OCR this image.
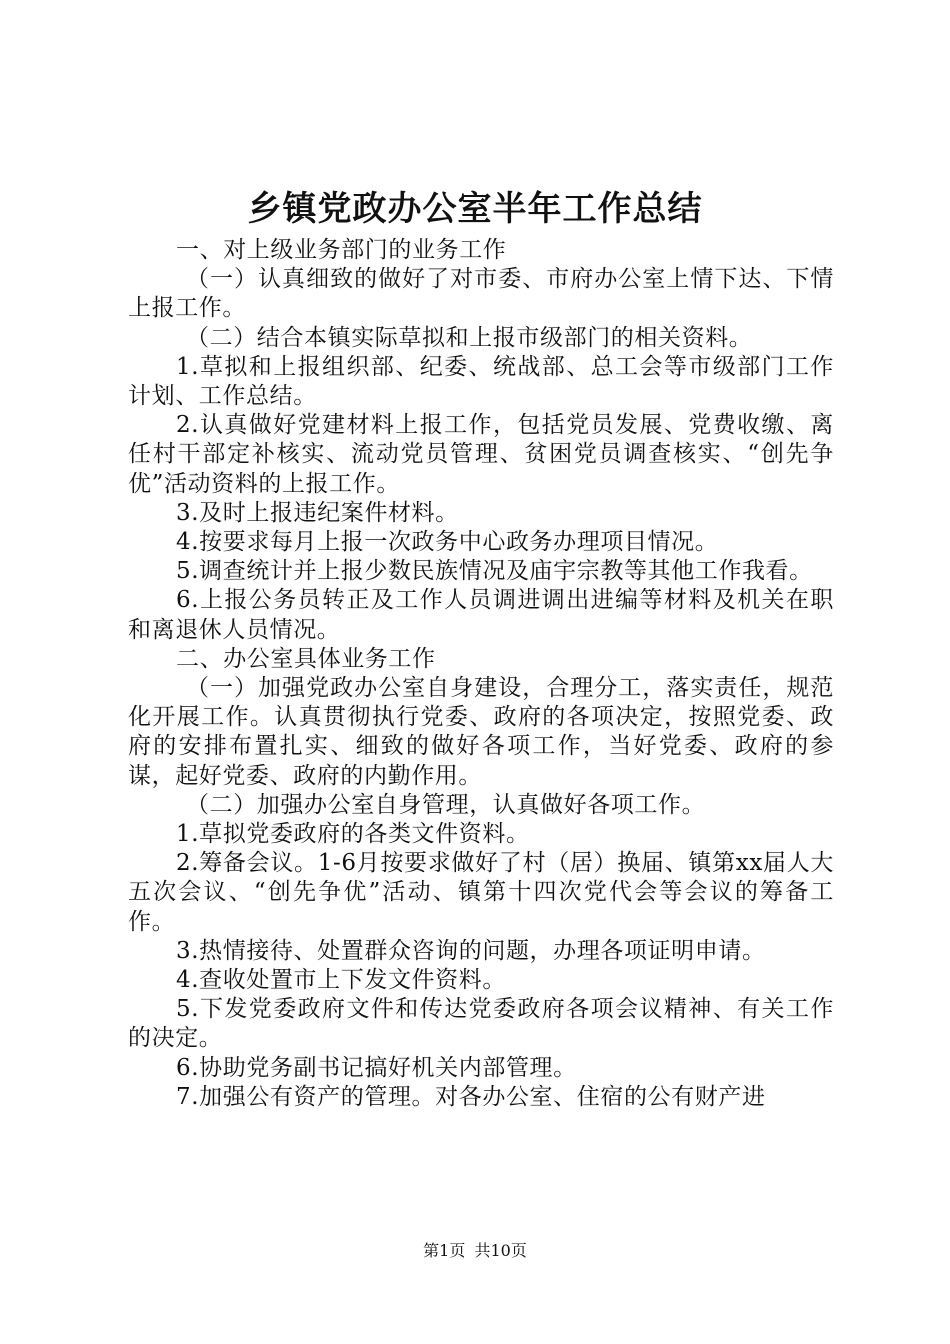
乡镇党政办公室半年工作总结

一、对上级业务部门的业务工作

（一）认真细致的做好了对市委、市府办公室上情下达、下情上报工作。

（二）结合本镇实际草拟和上报市级部门的相关资料。

1.草拟和上报组织部、纪委、统战部、总工会等市级部门工作计划、工作总结。

2.认真做好党建材料上报工作，包括党员发展、党费收缴、离任村干部定补核实、流动党员管理、贫困党员调查核实、“创先争优”活动资料的上报工作。

3.及时上报违纪案件材料。

4.按要求每月上报一次政务中心政务办理项目情况。

5.调查统计并上报少数民族情况及庙宇宗教等其他工作我看。

6.上报公务员转正及工作人员调进调出进编等材料及机关在职和离退休人员情况。

二、办公室具体业务工作

（一）加强党政办公室自身建设，合理分工，落实责任，规范化开展工作。认真贯彻执行党委、政府的各项决定，按照党委、政府的安排布置扎实、细致的做好各项工作，当好党委、政府的参谋，起好党委、政府的内勤作用。

（二）加强办公室自身管理，认真做好各项工作。

1.草拟党委政府的各类文件资料。

2.筹备会议。1-6月按要求做好了村（居）换届、镇第xx届人大五次会议、“创先争优”活动、镇第十四次党代会等会议的筹备工作。

3.热情接待、处置群众咨询的问题，办理各项证明申请。

4.查收处置市上下发文件资料。

5.下发党委政府文件和传达党委政府各项会议精神、有关工作的决定。

6.协助党务副书记搞好机关内部管理。

7.加强公有资产的管理。对各办公室、住宿的公有财产进

第1页 共10页
